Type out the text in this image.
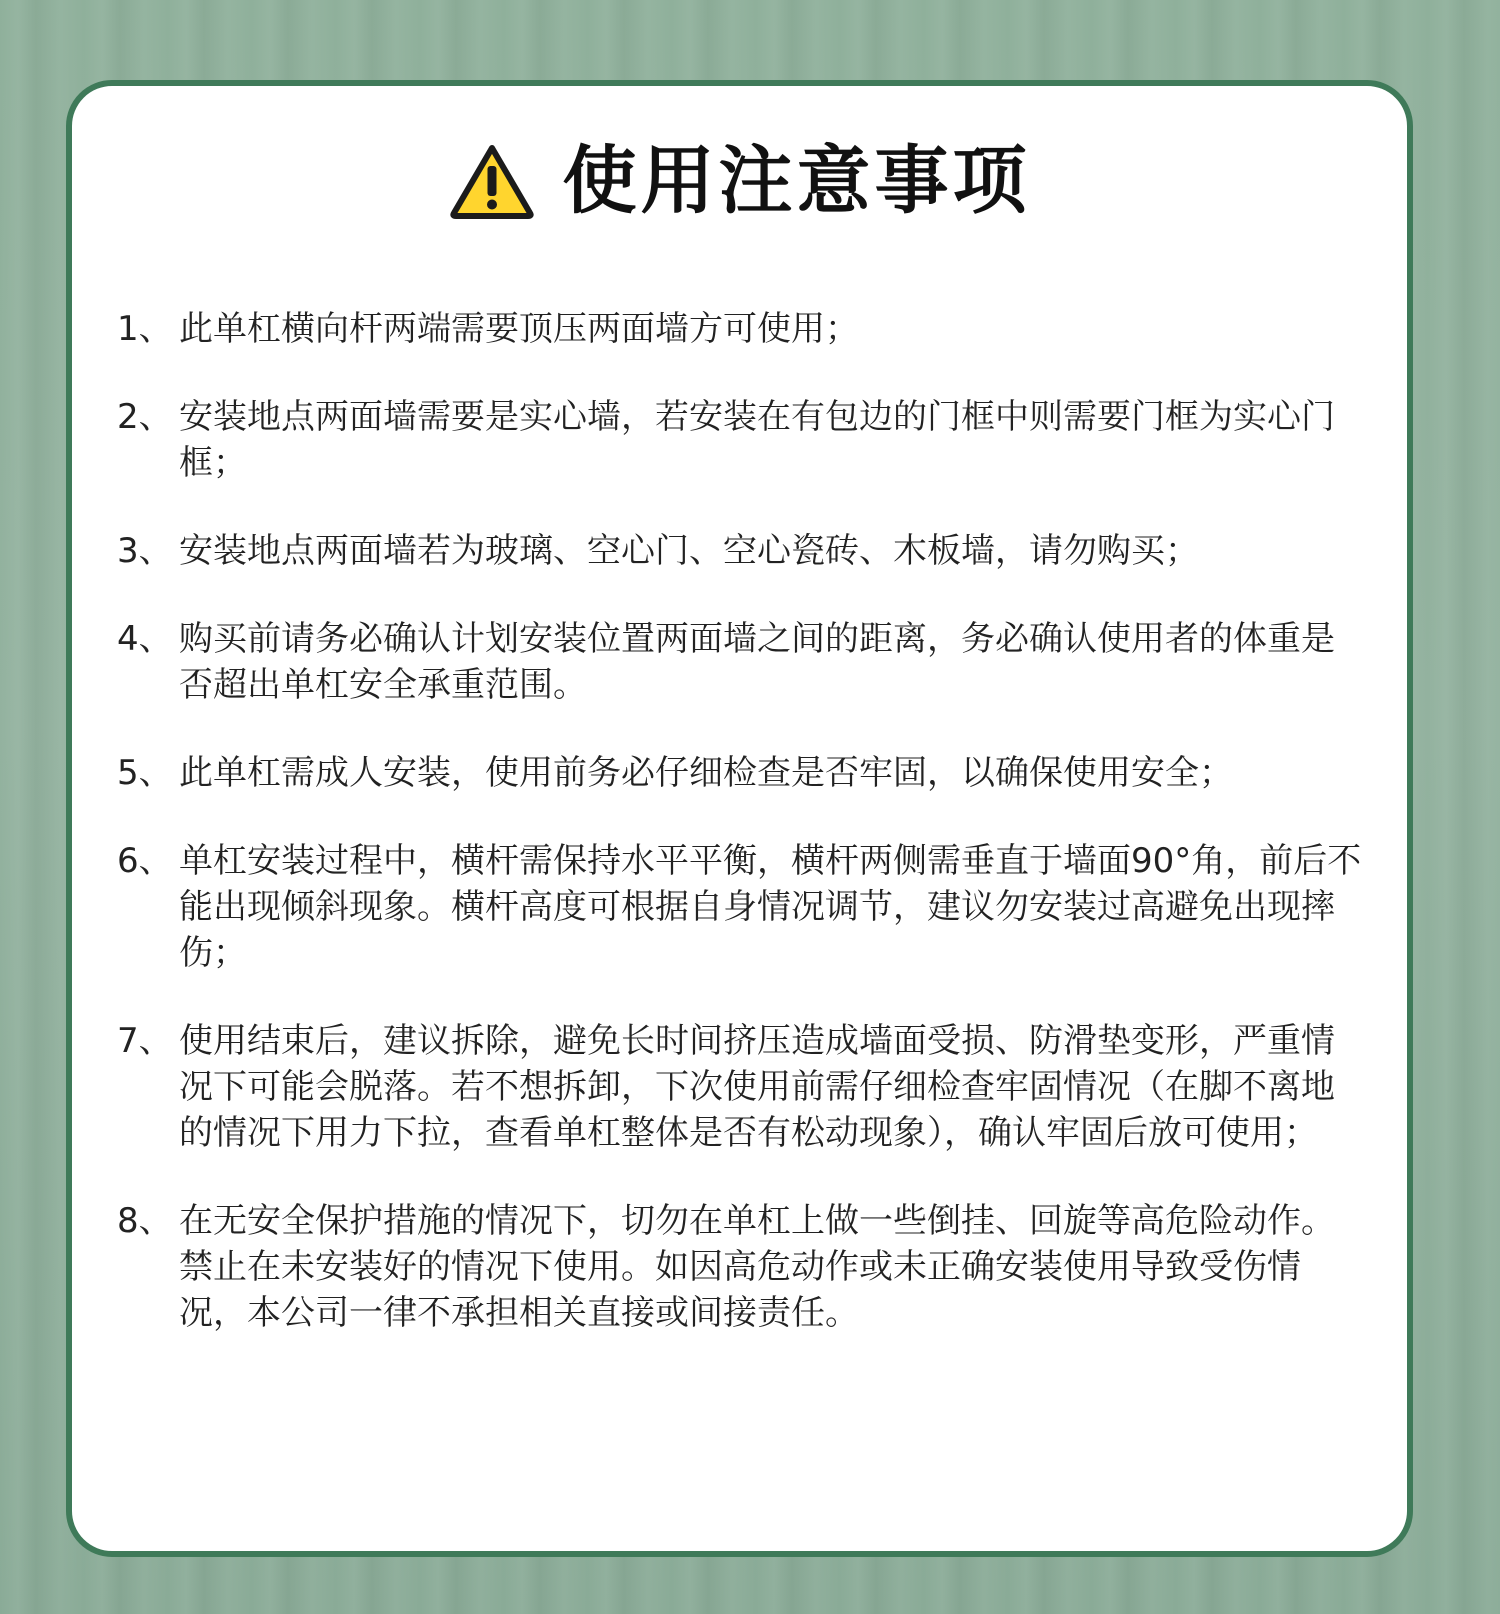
使用注意事项
1、 此单杠横向杆两端需要顶压两面墙方可使用；
2、 安装地点两面墙需要是实心墙，若安装在有包边的门框中则需要门框为实心门框；
3、 安装地点两面墙若为玻璃、空心门、空心瓷砖、木板墙，请勿购买；
4、 购买前请务必确认计划安装位置两面墙之间的距离，务必确认使用者的体重是否超出单杠安全承重范围。
5、 此单杠需成人安装，使用前务必仔细检查是否牢固，以确保使用安全；
6、 单杠安装过程中，横杆需保持水平平衡，横杆两侧需垂直于墙面90°角，前后不能出现倾斜现象。横杆高度可根据自身情况调节，建议勿安装过高避免出现摔伤；
7、 使用结束后，建议拆除，避免长时间挤压造成墙面受损、防滑垫变形，严重情况下可能会脱落。若不想拆卸，下次使用前需仔细检查牢固情况（在脚不离地的情况下用力下拉，查看单杠整体是否有松动现象），确认牢固后放可使用；
8、 在无安全保护措施的情况下，切勿在单杠上做一些倒挂、回旋等高危险动作。禁止在未安装好的情况下使用。如因高危动作或未正确安装使用导致受伤情况，本公司一律不承担相关直接或间接责任。
